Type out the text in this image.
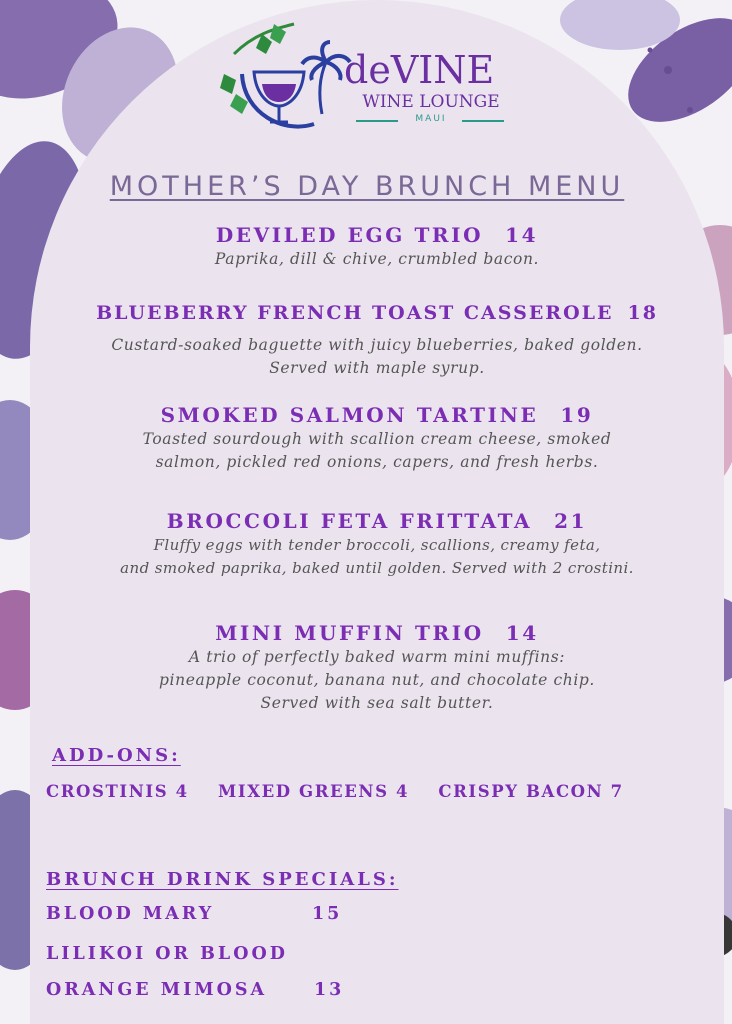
deVINE
WINE LOUNGE
MAUI
MOTHER’S DAY BRUNCH MENU
DEVILED EGG TRIO 14
Paprika, dill & chive, crumbled bacon.
BLUEBERRY FRENCH TOAST CASSEROLE 18
Custard-soaked baguette with juicy blueberries, baked golden.
Served with maple syrup.
SMOKED SALMON TARTINE 19
Toasted sourdough with scallion cream cheese, smoked
salmon, pickled red onions, capers, and fresh herbs.
BROCCOLI FETA FRITTATA 21
Fluffy eggs with tender broccoli, scallions, creamy feta,
and smoked paprika, baked until golden. Served with 2 crostini.
MINI MUFFIN TRIO 14
A trio of perfectly baked warm mini muffins:
pineapple coconut, banana nut, and chocolate chip.
Served with sea salt butter.
ADD-ONS:
CROSTINIS 4 MIXED GREENS 4 CRISPY BACON 7
BRUNCH DRINK SPECIALS:
BLOOD MARY	15
LILIKOI OR BLOOD
ORANGE MIMOSA	13
